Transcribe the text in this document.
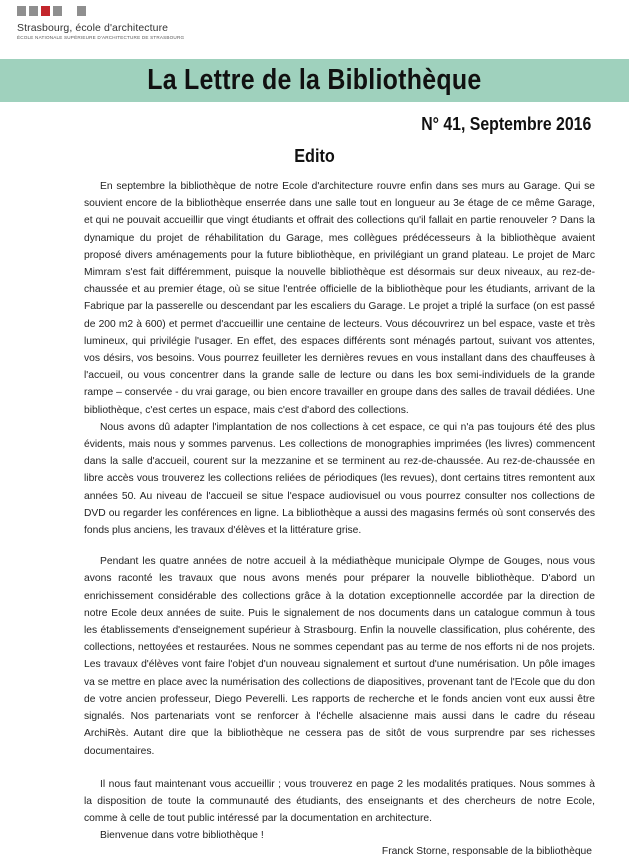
Strasbourg, école d'architecture
ÉCOLE NATIONALE SUPÉRIEURE D'ARCHITECTURE DE STRASBOURG
La Lettre de la Bibliothèque
N° 41, Septembre 2016
Edito

En septembre la bibliothèque de notre Ecole d'architecture rouvre enfin dans ses murs au Garage. Qui se souvient encore de la bibliothèque enserrée dans une salle tout en longueur au 3e étage de ce même Garage, et qui ne pouvait accueillir que vingt étudiants et offrait des collections qu'il fallait en partie renouveler ? Dans la dynamique du projet de réhabilitation du Garage, mes collègues prédécesseurs à la bibliothèque avaient proposé divers aménagements pour la future bibliothèque, en privilégiant un grand plateau. Le projet de Marc Mimram s'est fait différemment, puisque la nouvelle bibliothèque est désormais sur deux niveaux, au rez-de-chaussée et au premier étage, où se situe l'entrée officielle de la bibliothèque pour les étudiants, arrivant de la Fabrique par la passerelle ou descendant par les escaliers du Garage. Le projet a triplé la surface (on est passé de 200 m2 à 600) et permet d'accueillir une centaine de lecteurs. Vous découvrirez un bel espace, vaste et très lumineux, qui privilégie l'usager. En effet, des espaces différents sont ménagés partout, suivant vos attentes, vos désirs, vos besoins. Vous pourrez feuilleter les dernières revues en vous installant dans des chauffeuses à l'accueil, ou vous concentrer dans la grande salle de lecture ou dans les box semi-individuels de la grande rampe – conservée - du vrai garage, ou bien encore travailler en groupe dans des salles de travail dédiées. Une bibliothèque, c'est certes un espace, mais c'est d'abord des collections.

Nous avons dû adapter l'implantation de nos collections à cet espace, ce qui n'a pas toujours été des plus évidents, mais nous y sommes parvenus. Les collections de monographies imprimées (les livres) commencent dans la salle d'accueil, courent sur la mezzanine et se terminent au rez-de-chaussée. Au rez-de-chaussée en libre accès vous trouverez les collections reliées de périodiques (les revues), dont certains titres remontent aux années 50. Au niveau de l'accueil se situe l'espace audiovisuel ou vous pourrez consulter nos collections de DVD ou regarder les conférences en ligne. La bibliothèque a aussi des magasins fermés où sont conservés des fonds plus anciens, les travaux d'élèves et la littérature grise.

Pendant les quatre années de notre accueil à la médiathèque municipale Olympe de Gouges, nous vous avons raconté les travaux que nous avons menés pour préparer la nouvelle bibliothèque. D'abord un enrichissement considérable des collections grâce à la dotation exceptionnelle accordée par la direction de notre Ecole deux années de suite. Puis le signalement de nos documents dans un catalogue commun à tous les établissements d'enseignement supérieur à Strasbourg. Enfin la nouvelle classification, plus cohérente, des collections, nettoyées et restaurées. Nous ne sommes cependant pas au terme de nos efforts ni de nos projets. Les travaux d'élèves vont faire l'objet d'un nouveau signalement et surtout d'une numérisation. Un pôle images va se mettre en place avec la numérisation des collections de diapositives, provenant tant de l'Ecole que du don de votre ancien professeur, Diego Peverelli. Les rapports de recherche et le fonds ancien vont eux aussi être signalés. Nos partenariats vont se renforcer à l'échelle alsacienne mais aussi dans le cadre du réseau ArchiRès. Autant dire que la bibliothèque ne cessera pas de sitôt de vous surprendre par ses richesses documentaires.

Il nous faut maintenant vous accueillir ; vous trouverez en page 2 les modalités pratiques. Nous sommes à la disposition de toute la communauté des étudiants, des enseignants et des chercheurs de notre Ecole, comme à celle de tout public intéressé par la documentation en architecture.

Bienvenue dans votre bibliothèque !

Franck Storne, responsable de la bibliothèque
